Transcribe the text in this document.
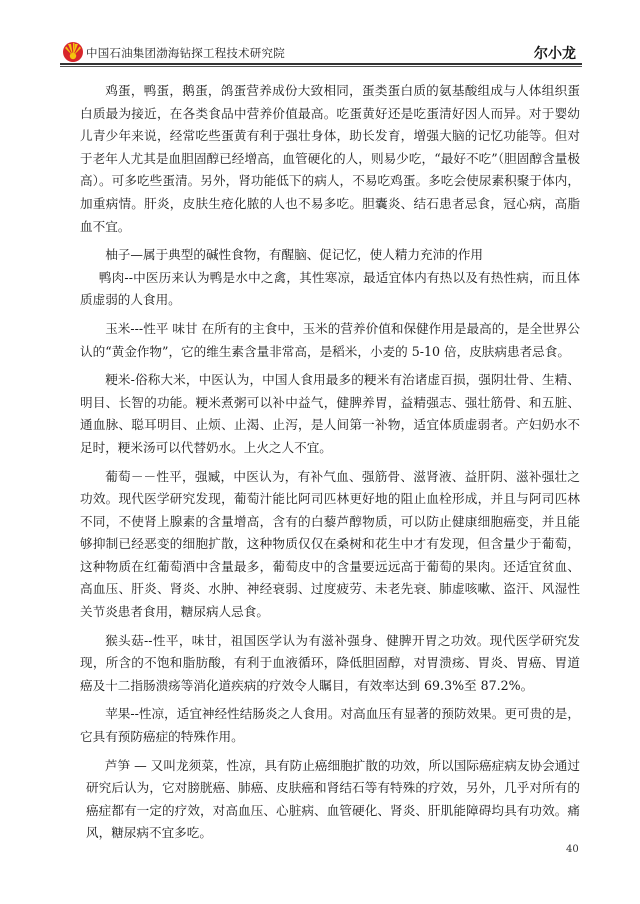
中国石油集团渤海钻探工程技术研究院	尔小龙

鸡蛋，鸭蛋，鹅蛋，鸽蛋营养成份大致相同，蛋类蛋白质的氨基酸组成与人体组织蛋白质最为接近，在各类食品中营养价值最高。吃蛋黄好还是吃蛋清好因人而异。对于婴幼儿青少年来说，经常吃些蛋黄有利于强壮身体，助长发育，增强大脑的记忆功能等。但对于老年人尤其是血胆固醇已经增高，血管硬化的人，则易少吃，“最好不吃”（胆固醇含量极高）。可多吃些蛋清。另外，肾功能低下的病人，不易吃鸡蛋。多吃会使尿素积聚于体内，加重病情。肝炎，皮肤生疮化脓的人也不易多吃。胆囊炎、结石患者忌食，冠心病，高脂血不宜。

柚子—属于典型的碱性食物，有醒脑、促记忆，使人精力充沛的作用

鸭肉--中医历来认为鸭是水中之禽，其性寒凉，最适宜体内有热以及有热性病，而且体质虚弱的人食用。

玉米---性平 味甘 在所有的主食中，玉米的营养价值和保健作用是最高的，是全世界公认的“黄金作物”，它的维生素含量非常高，是稻米，小麦的 5-10 倍，皮肤病患者忌食。

粳米-俗称大米，中医认为，中国人食用最多的粳米有治诸虚百损，强阴壮骨、生精、明目、长智的功能。粳米煮粥可以补中益气，健脾养胃，益精强志、强壮筋骨、和五脏、通血脉、聪耳明目、止烦、止渴、止泻，是人间第一补物，适宜体质虚弱者。产妇奶水不足时，粳米汤可以代替奶水。上火之人不宜。

葡萄－－性平，强臧，中医认为，有补气血、强筋骨、滋肾液、益肝阴、滋补强壮之功效。现代医学研究发现，葡萄汁能比阿司匹林更好地的阻止血栓形成，并且与阿司匹林不同，不使肾上腺素的含量增高，含有的白藜芦醇物质，可以防止健康细胞癌变，并且能够抑制已经恶变的细胞扩散，这种物质仅仅在桑树和花生中才有发现，但含量少于葡萄，这种物质在红葡萄酒中含量最多，葡萄皮中的含量要远远高于葡萄的果肉。还适宜贫血、高血压、肝炎、肾炎、水肿、神经衰弱、过度疲劳、未老先衰、肺虚咳嗽、盗汗、风湿性关节炎患者食用，糖尿病人忌食。

猴头菇--性平，味甘，祖国医学认为有滋补强身、健脾开胃之功效。现代医学研究发现，所含的不饱和脂肪酸，有利于血液循环，降低胆固醇，对胃溃疡、胃炎、胃癌、胃道癌及十二指肠溃疡等消化道疾病的疗效令人瞩目，有效率达到 69.3%至 87.2%。

苹果--性凉，适宜神经性结肠炎之人食用。对高血压有显著的预防效果。更可贵的是，它具有预防癌症的特殊作用。

芦笋 — 又叫龙须菜，性凉，具有防止癌细胞扩散的功效，所以国际癌症病友协会通过研究后认为，它对膀胱癌、肺癌、皮肤癌和肾结石等有特殊的疗效，另外，几乎对所有的癌症都有一定的疗效，对高血压、心脏病、血管硬化、肾炎、肝肌能障碍均具有功效。痛风，糖尿病不宜多吃。

40
